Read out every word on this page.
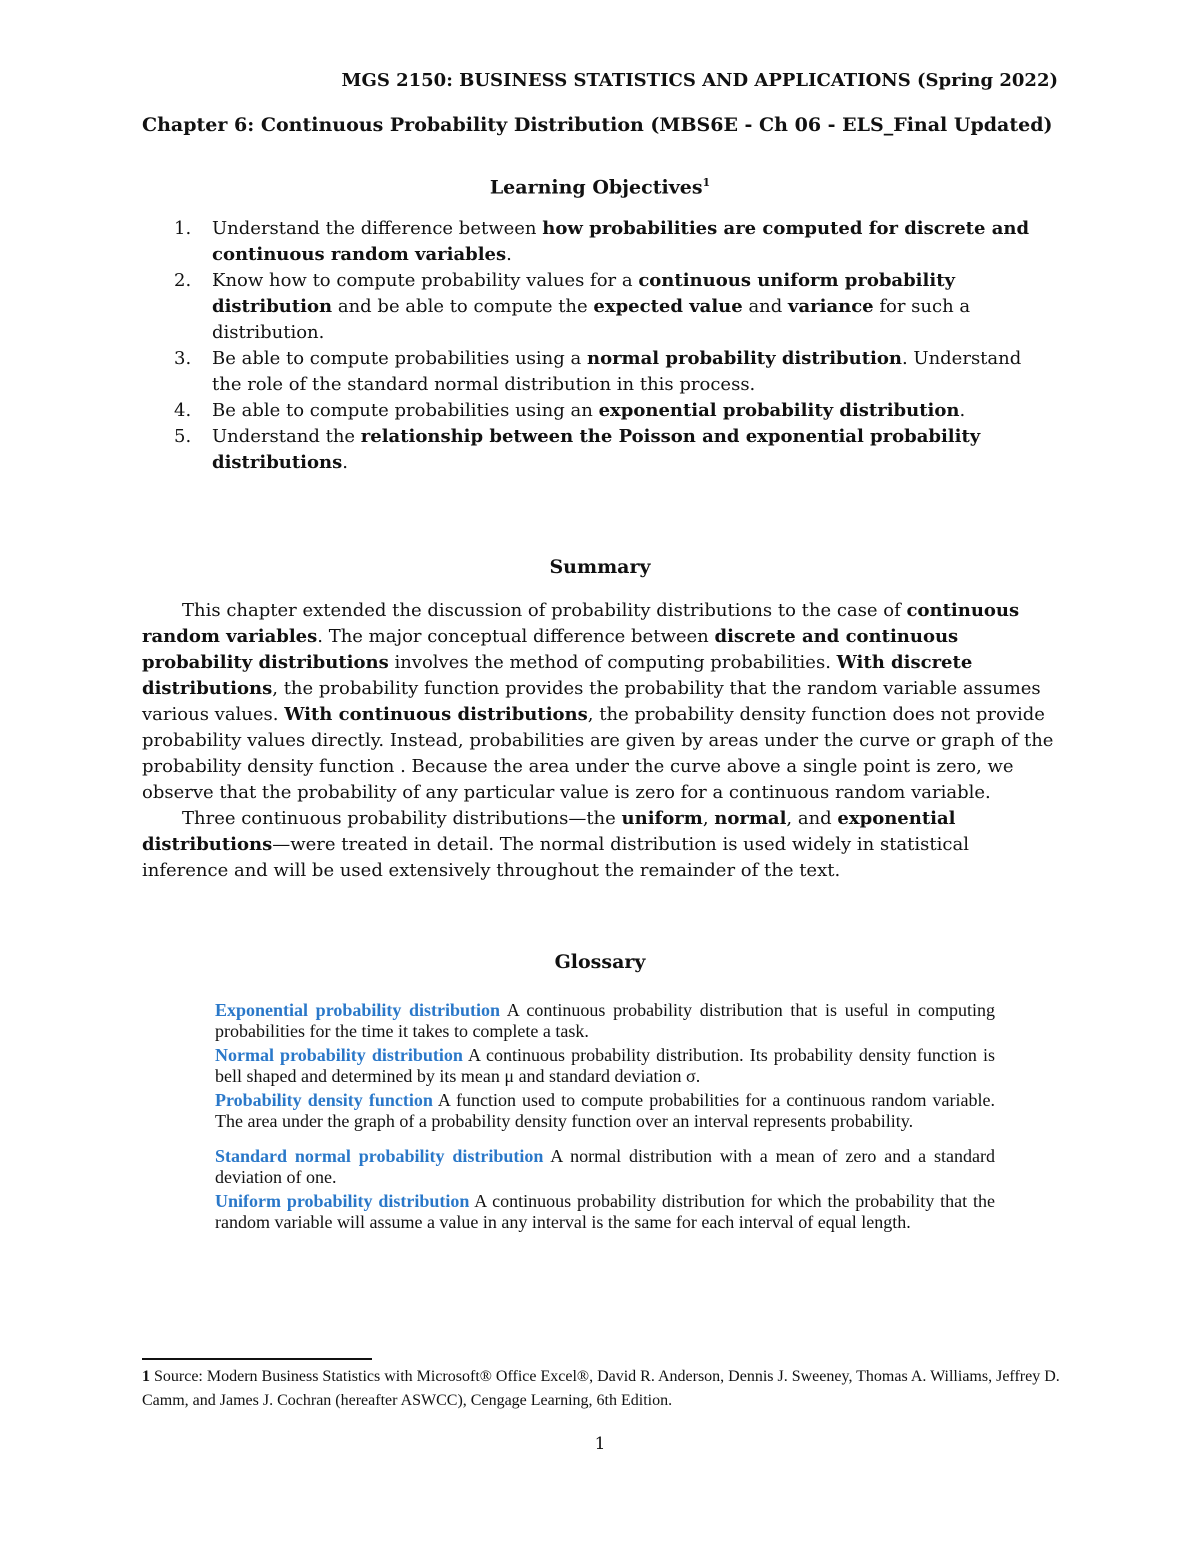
MGS 2150: BUSINESS STATISTICS AND APPLICATIONS (Spring 2022)
Chapter 6: Continuous Probability Distribution (MBS6E - Ch 06 - ELS_Final Updated)
Learning Objectives$^1$
1. Understand the difference between how probabilities are computed for discrete and continuous random variables.
2. Know how to compute probability values for a continuous uniform probability distribution and be able to compute the expected value and variance for such a distribution.
3. Be able to compute probabilities using a normal probability distribution. Understand the role of the standard normal distribution in this process.
4. Be able to compute probabilities using an exponential probability distribution.
5. Understand the relationship between the Poisson and exponential probability distributions.
Summary

This chapter extended the discussion of probability distributions to the case of continuous random variables. The major conceptual difference between discrete and continuous probability distributions involves the method of computing probabilities. With discrete distributions, the probability function provides the probability that the random variable assumes various values. With continuous distributions, the probability density function does not provide probability values directly. Instead, probabilities are given by areas under the curve or graph of the probability density function . Because the area under the curve above a single point is zero, we observe that the probability of any particular value is zero for a continuous random variable.

Three continuous probability distributions—the uniform, normal, and exponential distributions—were treated in detail. The normal distribution is used widely in statistical inference and will be used extensively throughout the remainder of the text.

Glossary

Exponential probability distribution A continuous probability distribution that is useful in computing probabilities for the time it takes to complete a task.

Normal probability distribution A continuous probability distribution. Its probability density function is bell shaped and determined by its mean μ and standard deviation σ.

Probability density function A function used to compute probabilities for a continuous random variable. The area under the graph of a probability density function over an interval represents probability.

Standard normal probability distribution A normal distribution with a mean of zero and a standard deviation of one.

Uniform probability distribution A continuous probability distribution for which the probability that the random variable will assume a value in any interval is the same for each interval of equal length.

1 Source: Modern Business Statistics with Microsoft® Office Excel®, David R. Anderson, Dennis J. Sweeney, Thomas A. Williams, Jeffrey D. Camm, and James J. Cochran (hereafter ASWCC), Cengage Learning, 6th Edition.
1
